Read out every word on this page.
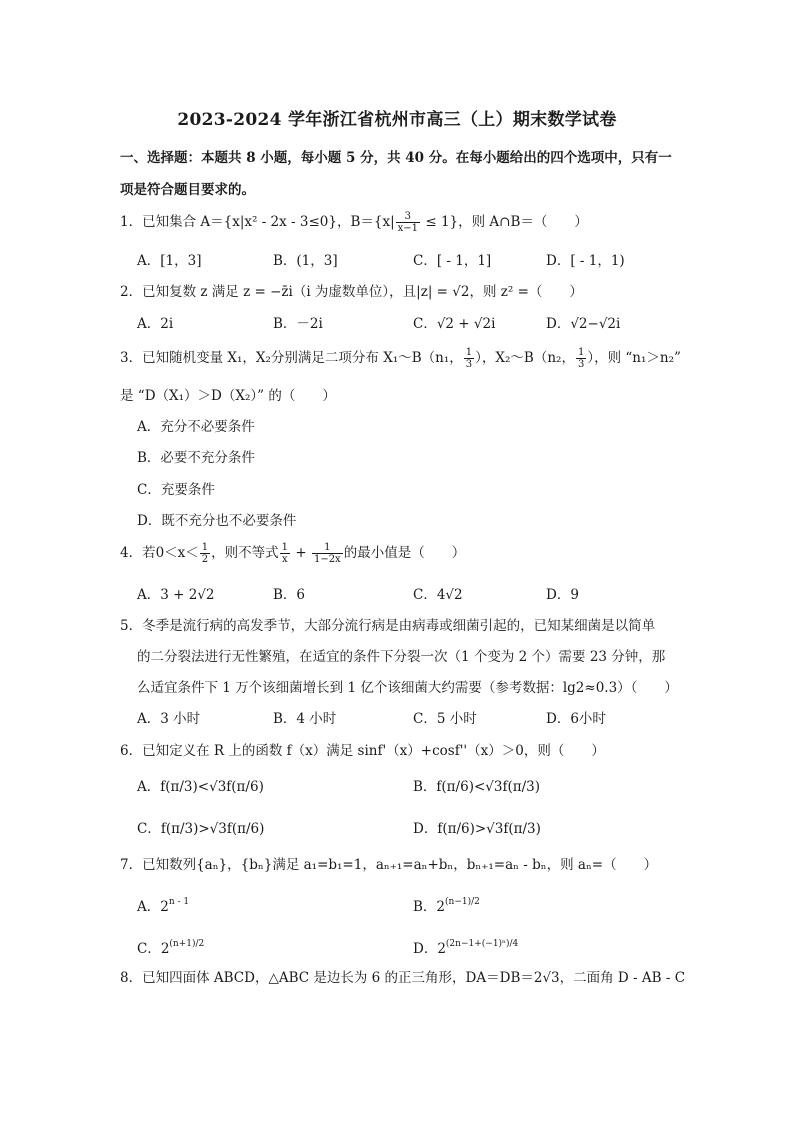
2023-2024 学年浙江省杭州市高三（上）期末数学试卷
一、选择题：本题共 8 小题，每小题 5 分，共 40 分。在每小题给出的四个选项中，只有一
项是符合题目要求的。
1．已知集合 A＝{x|x² - 2x - 3≤0}，$B=\{x| \frac{3}{x-1} \le 1\}$，则 A∩B＝（　　）
A．[1，3]	B．(1，3]	C．[ - 1，1]	D．[ - 1，1)
2．已知复数 z 满足 z = −z̄i（i 为虚数单位），且|z| = √2，则 z² =（　　）
A．2i	B．－2i	C．√2 + √2i	D．√2−√2i
3．已知随机变量 X₁，X₂分别满足二项分布 X₁～B（n₁， $\frac{1}{3}$ ），X₂～B（n₂， $\frac{1}{3}$ ），则 “n₁＞n₂”
是 “D（X₁）＞D（X₂）” 的（　　）
A．充分不必要条件
B．必要不充分条件
C．充要条件
D．既不充分也不必要条件
4．若$0<x< \frac{1}{2}$ ，则不等式 $\frac{1}{x} + \frac{1}{1-2x}$ 的最小值是（　　）
A．3 + 2√2	B．6	C．4√2	D．9
5．冬季是流行病的高发季节，大部分流行病是由病毒或细菌引起的，已知某细菌是以简单
的二分裂法进行无性繁殖，在适宜的条件下分裂一次（1 个变为 2 个）需要 23 分钟，那
么适宜条件下 1 万个该细菌增长到 1 亿个该细菌大约需要（参考数据：lg2≈0.3）（　　）
A．3 小时	B．4 小时	C．5 小时	D．6小时
6．已知定义在 R 上的函数 f（x）满足 sinf'（x）+cosf''（x）＞0，则（　　）
A．f(π/3)<√3f(π/6)	B．f(π/6)<√3f(π/3)
C．f(π/3)>√3f(π/6)	D．f(π/6)>√3f(π/3)
7．已知数列{aₙ}，{bₙ}满足 a₁=b₁=1，aₙ₊₁=aₙ+bₙ，bₙ₊₁=aₙ - bₙ，则 aₙ=（　　）
A．2$^{n - 1}$	B．$2^{(n-1)/2}$
C．$2^{(n+1)/2}$	D．$2^{(2n-1+(-1)^n)/4}$
8．已知四面体 ABCD，△ABC 是边长为 6 的正三角形，DA＝DB＝2√3，二面角 D - AB - C
